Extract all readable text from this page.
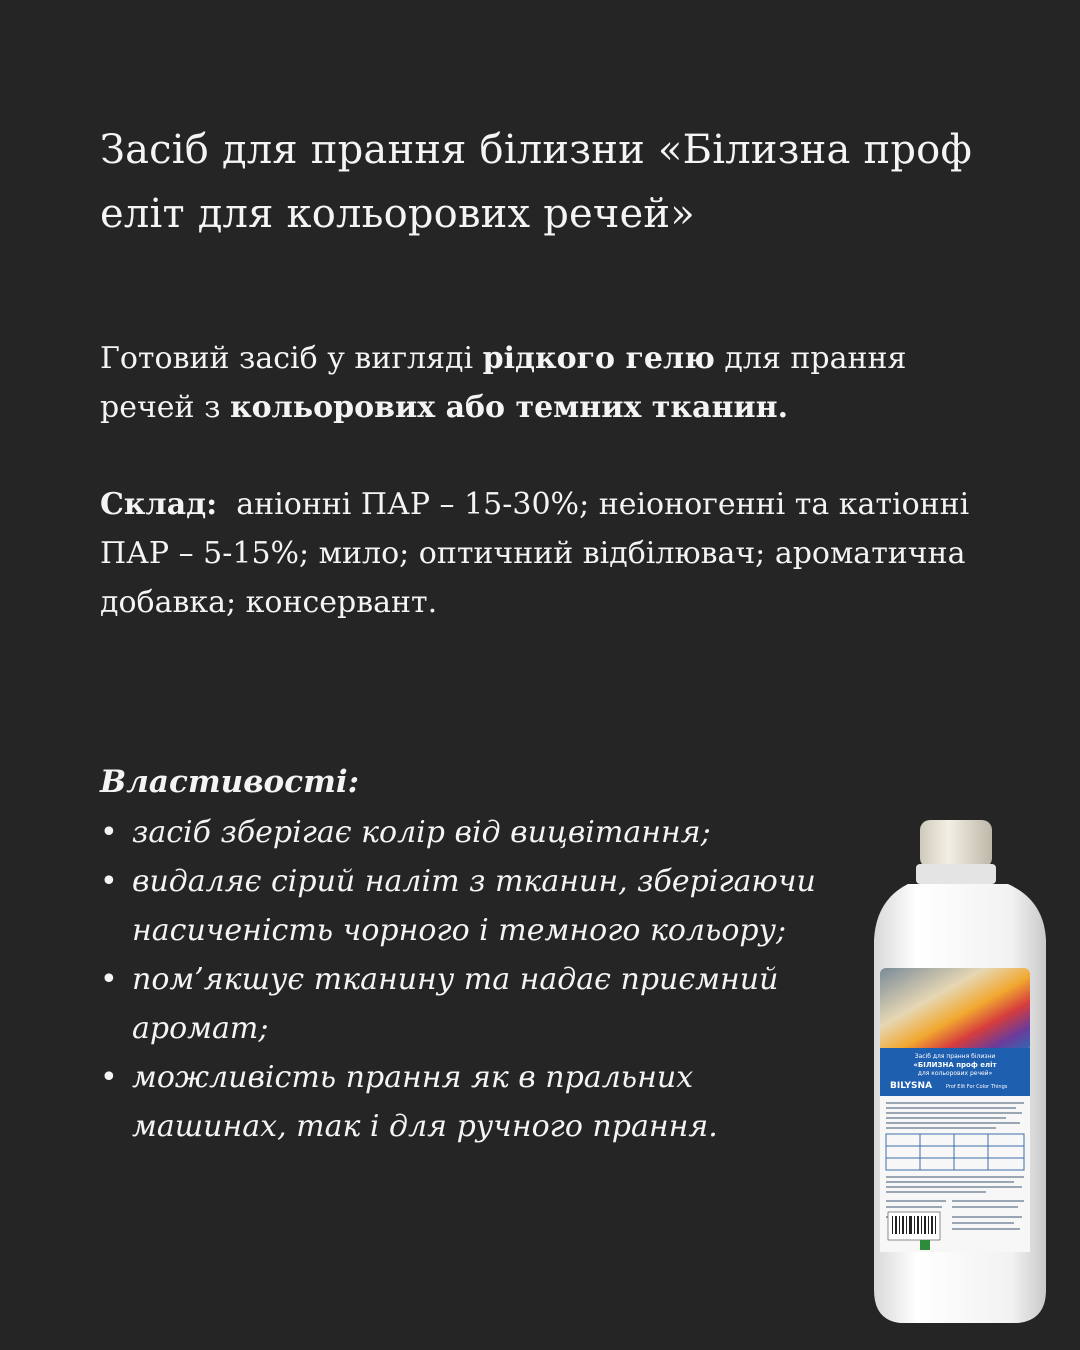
Засіб для прання білизни «Білизна проф еліт для кольорових речей»

Готовий засіб у вигляді рідкого гелю для прання речей з кольорових або темних тканин.

Склад:  аніонні ПАР – 15-30%; неіоногенні та катіонні ПАР – 5-15%; мило; оптичний відбілювач; ароматична добавка; консервант.

Властивості:
• засіб зберігає колір від вицвітання;
• видаляє сірий наліт з тканин, зберігаючи насиченість чорного і темного кольору;
• пом’якшує тканину та надає приємний аромат;
• можливість прання як в пральних машинах, так і для ручного прання.
Засіб для прання білизни
«БІЛИЗНА проф еліт
для кольорових речей»
BILYSNA	Prof Elit For Color Things
